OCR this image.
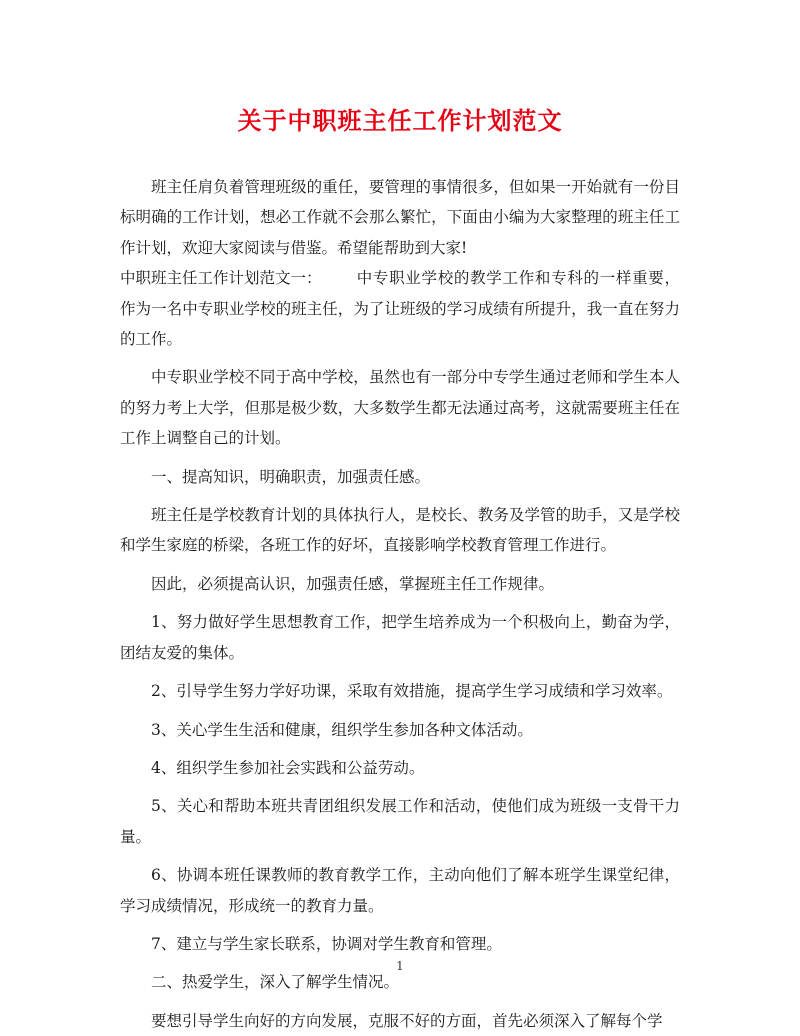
关于中职班主任工作计划范文

班主任肩负着管理班级的重任，要管理的事情很多，但如果一开始就有一份目标明确的工作计划，想必工作就不会那么繁忙，下面由小编为大家整理的班主任工作计划，欢迎大家阅读与借鉴。希望能帮助到大家!

中职班主任工作计划范文一： 中专职业学校的教学工作和专科的一样重要，作为一名中专职业学校的班主任，为了让班级的学习成绩有所提升，我一直在努力的工作。

中专职业学校不同于高中学校，虽然也有一部分中专学生通过老师和学生本人的努力考上大学，但那是极少数，大多数学生都无法通过高考，这就需要班主任在工作上调整自己的计划。

一、提高知识，明确职责，加强责任感。

班主任是学校教育计划的具体执行人，是校长、教务及学管的助手，又是学校和学生家庭的桥梁，各班工作的好坏，直接影响学校教育管理工作进行。

因此，必须提高认识，加强责任感，掌握班主任工作规律。

1、努力做好学生思想教育工作，把学生培养成为一个积极向上，勤奋为学，团结友爱的集体。

2、引导学生努力学好功课，采取有效措施，提高学生学习成绩和学习效率。

3、关心学生生活和健康，组织学生参加各种文体活动。

4、组织学生参加社会实践和公益劳动。

5、关心和帮助本班共青团组织发展工作和活动，使他们成为班级一支骨干力量。

6、协调本班任课教师的教育教学工作，主动向他们了解本班学生课堂纪律，学习成绩情况，形成统一的教育力量。

7、建立与学生家长联系，协调对学生教育和管理。

二、热爱学生，深入了解学生情况。

要想引导学生向好的方向发展，克服不好的方面，首先必须深入了解每个学

1
